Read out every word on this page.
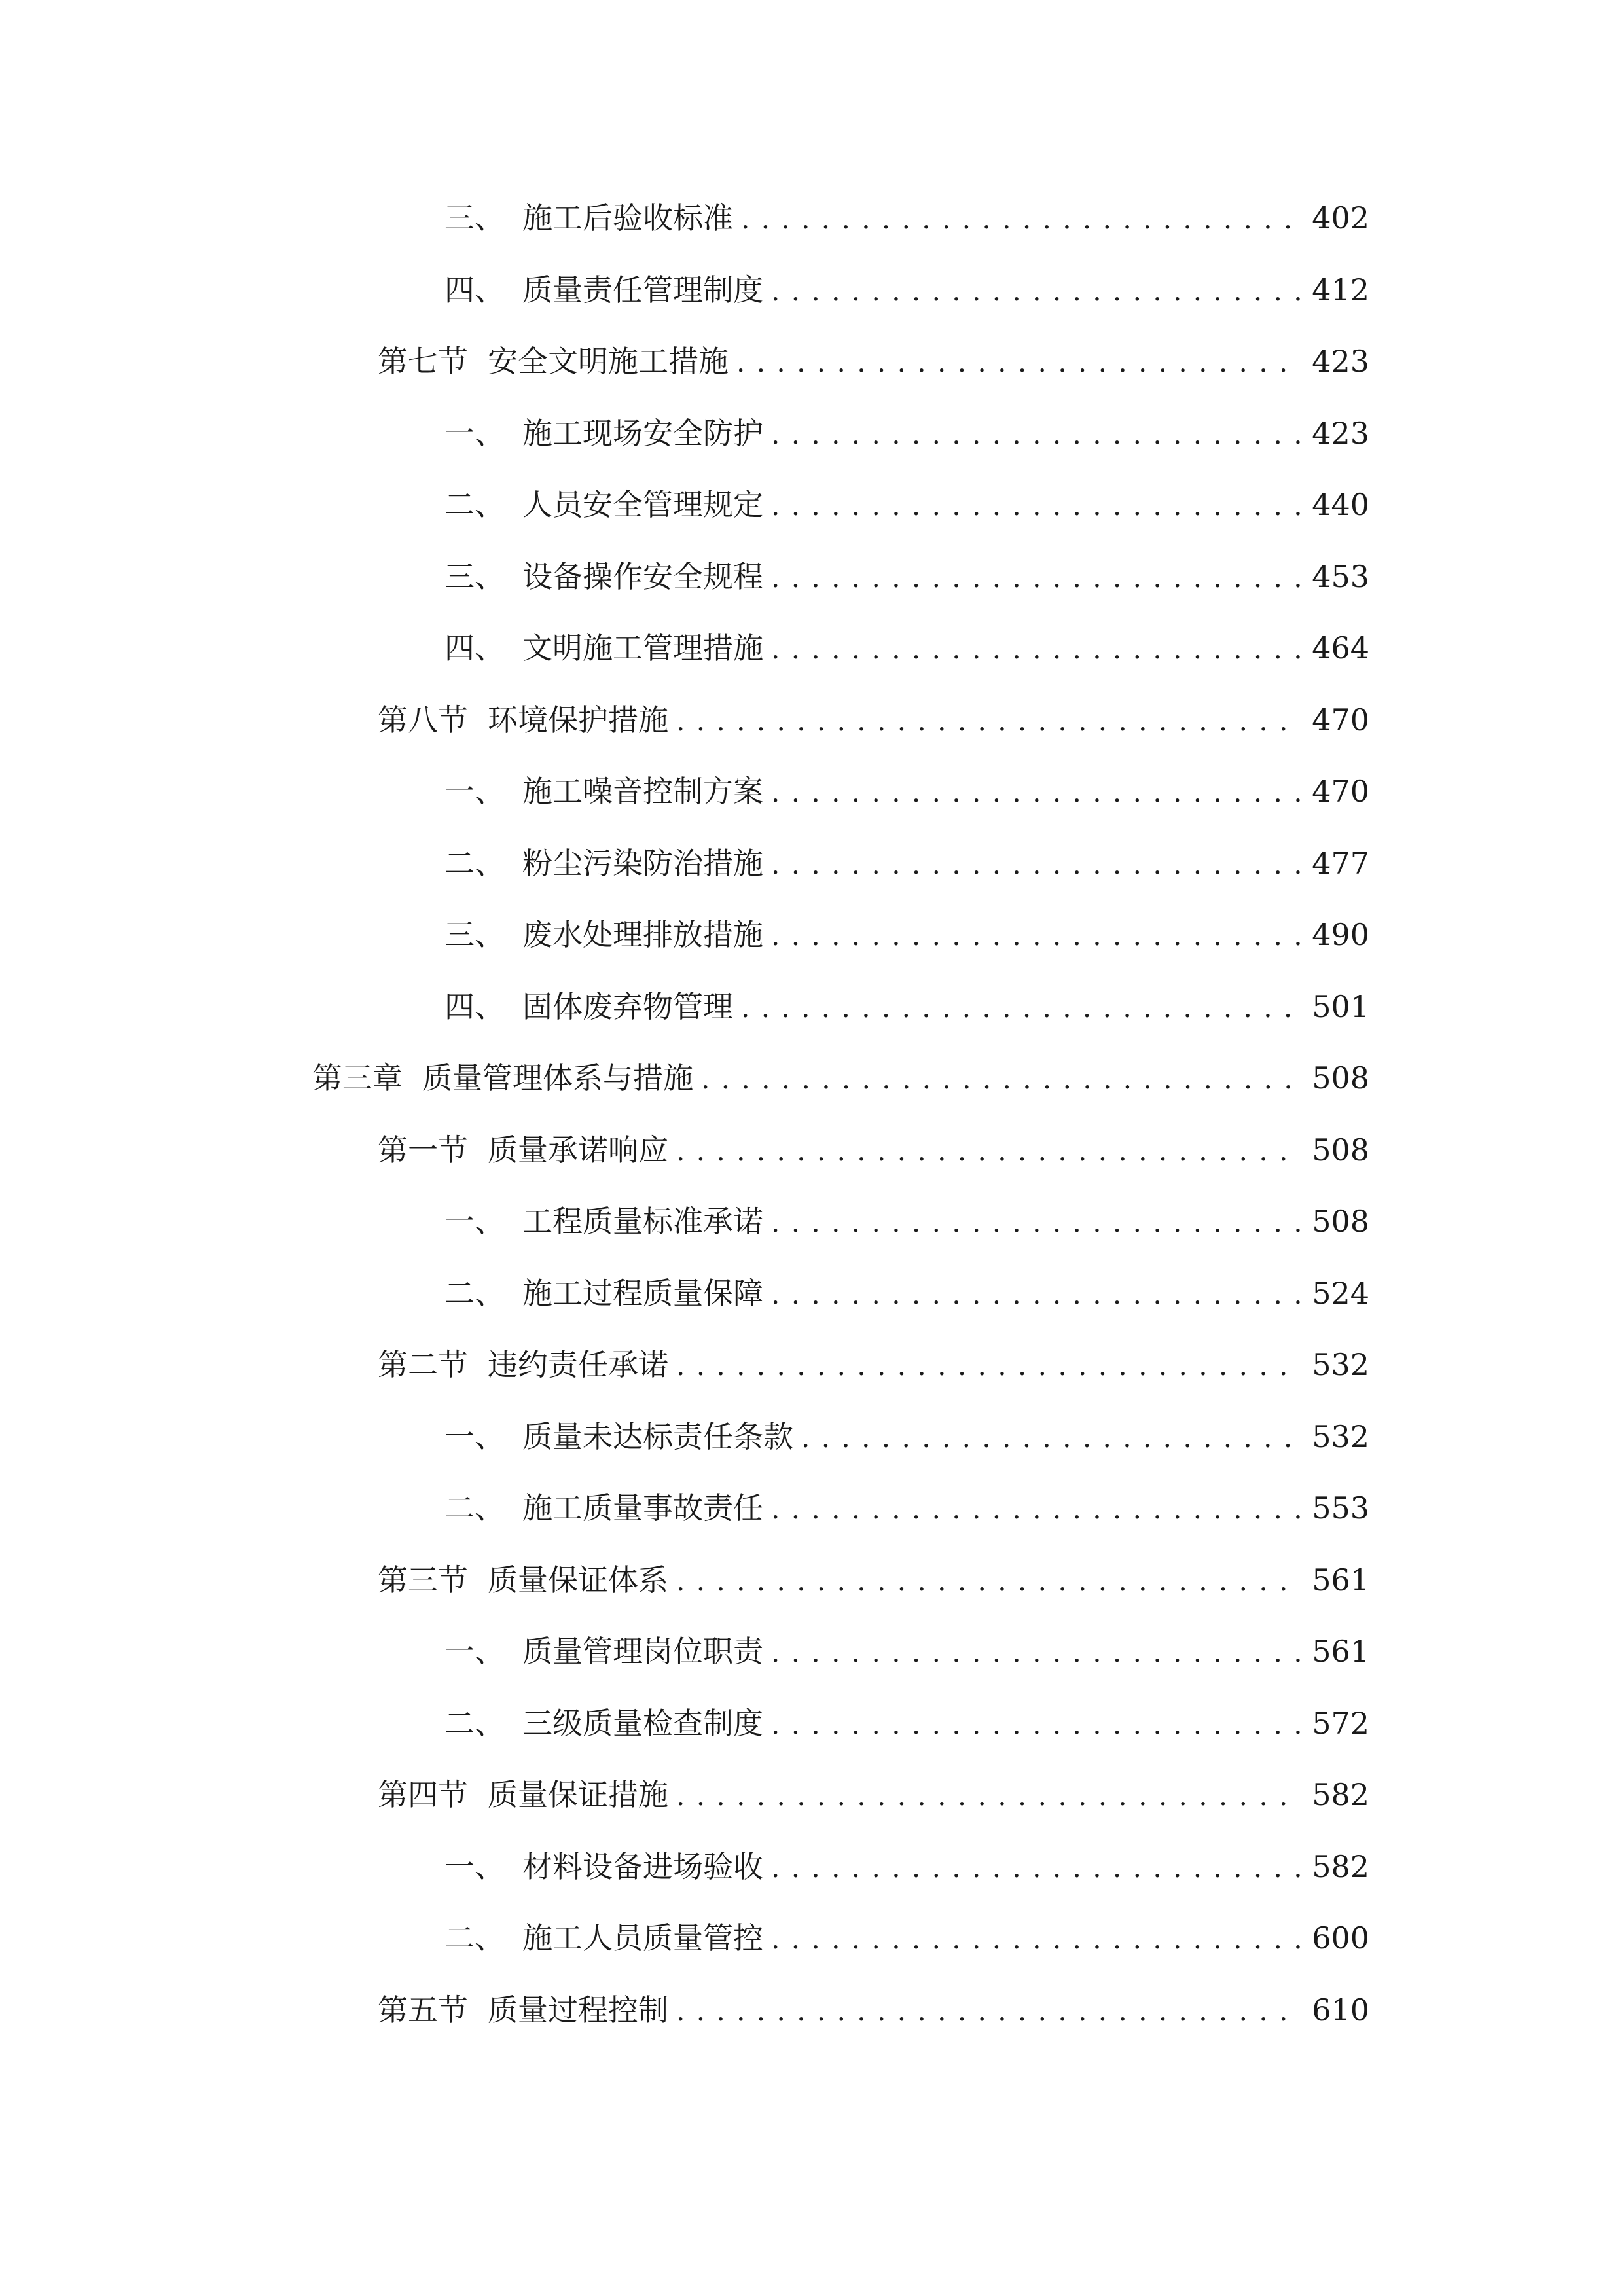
三、 施工后验收标准 . . .	402
四、 质量责任管理制度 . . .	412
第七节 安全文明施工措施 . . .	423
一、 施工现场安全防护 . . .	423
二、 人员安全管理规定 . . .	440
三、 设备操作安全规程 . . .	453
四、 文明施工管理措施 . . .	464
第八节 环境保护措施 . . .	470
一、 施工噪音控制方案 . . .	470
二、 粉尘污染防治措施 . . .	477
三、 废水处理排放措施 . . .	490
四、 固体废弃物管理 . . .	501
第三章 质量管理体系与措施 . . .	508
第一节 质量承诺响应 . . .	508
一、 工程质量标准承诺 . . .	508
二、 施工过程质量保障 . . .	524
第二节 违约责任承诺 . . .	532
一、 质量未达标责任条款 . . .	532
二、 施工质量事故责任 . . .	553
第三节 质量保证体系 . . .	561
一、 质量管理岗位职责 . . .	561
二、 三级质量检查制度 . . .	572
第四节 质量保证措施 . . .	582
一、 材料设备进场验收 . . .	582
二、 施工人员质量管控 . . .	600
第五节 质量过程控制 . . .	610
